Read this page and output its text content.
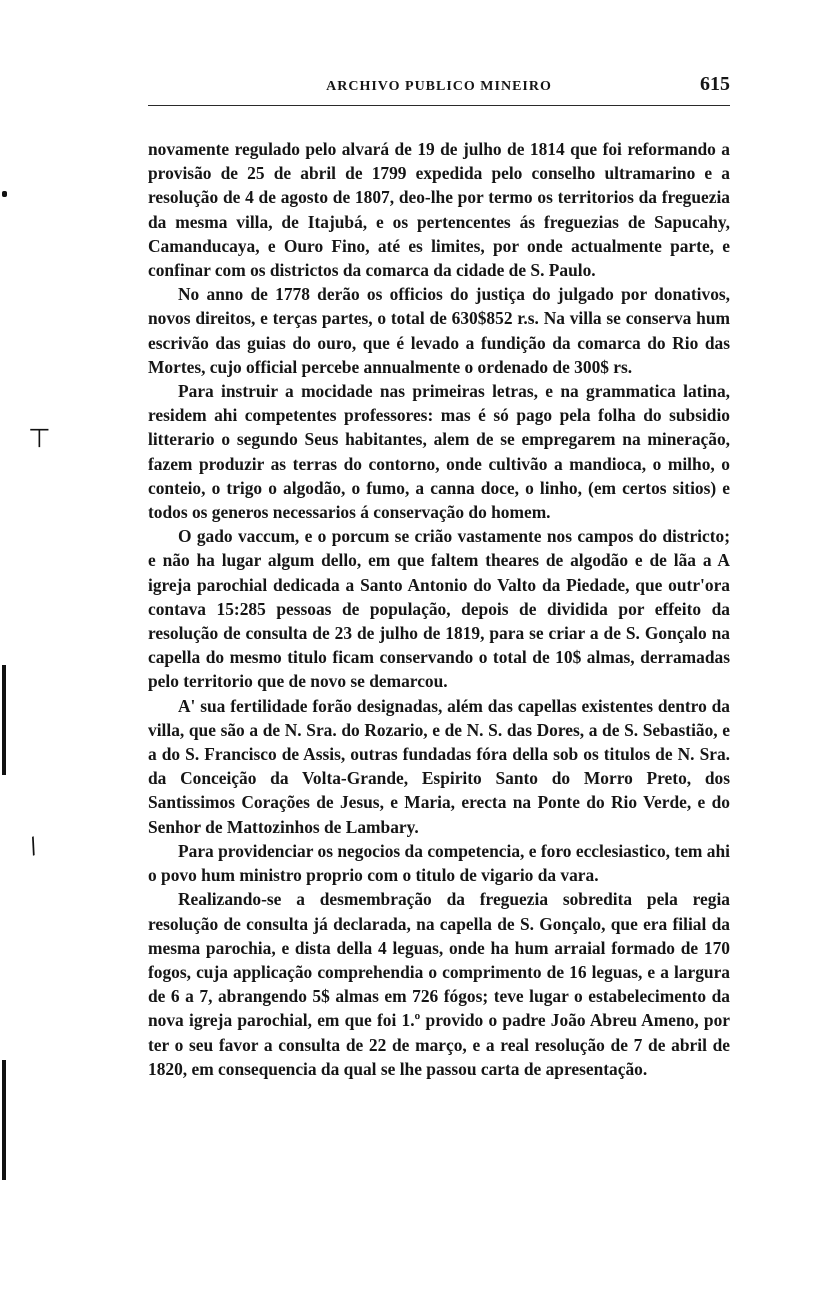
ARCHIVO PUBLICO MINEIRO	615

novamente regulado pelo alvará de 19 de julho de 1814 que foi reformando a provisão de 25 de abril de 1799 expedida pelo conselho ultramarino e a resolução de 4 de agosto de 1807, deo-lhe por termo os territorios da freguezia da mesma villa, de Itajubá, e os pertencentes ás freguezias de Sapucahy, Camanducaya, e Ouro Fino, até es limites, por onde actualmente parte, e confinar com os districtos da comarca da cidade de S. Paulo.

No anno de 1778 derão os officios do justiça do julgado por donativos, novos direitos, e terças partes, o total de 630$852 r.s. Na villa se conserva hum escrivão das guias do ouro, que é levado a fundição da comarca do Rio das Mortes, cujo official percebe annualmente o ordenado de 300$ rs.

Para instruir a mocidade nas primeiras letras, e na grammatica latina, residem ahi competentes professores: mas é só pago pela folha do subsidio litterario o segundo Seus habitantes, alem de se empregarem na mineração, fazem produzir as terras do contorno, onde cultivão a mandioca, o milho, o conteio, o trigo o algodão, o fumo, a canna doce, o linho, (em certos sitios) e todos os generos necessarios á conservação do homem.

O gado vaccum, e o porcum se crião vastamente nos campos do districto; e não ha lugar algum dello, em que faltem theares de algodão e de lãa a A igreja parochial dedicada a Santo Antonio do Valto da Piedade, que outr'ora contava 15:285 pessoas de população, depois de dividida por effeito da resolução de consulta de 23 de julho de 1819, para se criar a de S. Gonçalo na capella do mesmo titulo ficam conservando o total de 10$ almas, derramadas pelo territorio que de novo se demarcou.

A' sua fertilidade forão designadas, além das capellas existentes dentro da villa, que são a de N. Sra. do Rozario, e de N. S. das Dores, a de S. Sebastião, e a do S. Francisco de Assis, outras fundadas fóra della sob os titulos de N. Sra. da Conceição da Volta-Grande, Espirito Santo do Morro Preto, dos Santissimos Corações de Jesus, e Maria, erecta na Ponte do Rio Verde, e do Senhor de Mattozinhos de Lambary.

Para providenciar os negocios da competencia, e foro ecclesiastico, tem ahi o povo hum ministro proprio com o titulo de vigario da vara.

Realizando-se a desmembração da freguezia sobredita pela regia resolução de consulta já declarada, na capella de S. Gonçalo, que era filial da mesma parochia, e dista della 4 leguas, onde ha hum arraial formado de 170 fogos, cuja applicação comprehendia o comprimento de 16 leguas, e a largura de 6 a 7, abrangendo 5$ almas em 726 fógos; teve lugar o estabelecimento da nova igreja parochial, em que foi 1.º provido o padre João Abreu Ameno, por ter o seu favor a consulta de 22 de março, e a real resolução de 7 de abril de 1820, em consequencia da qual se lhe passou carta de apresentação.

⊤
/
